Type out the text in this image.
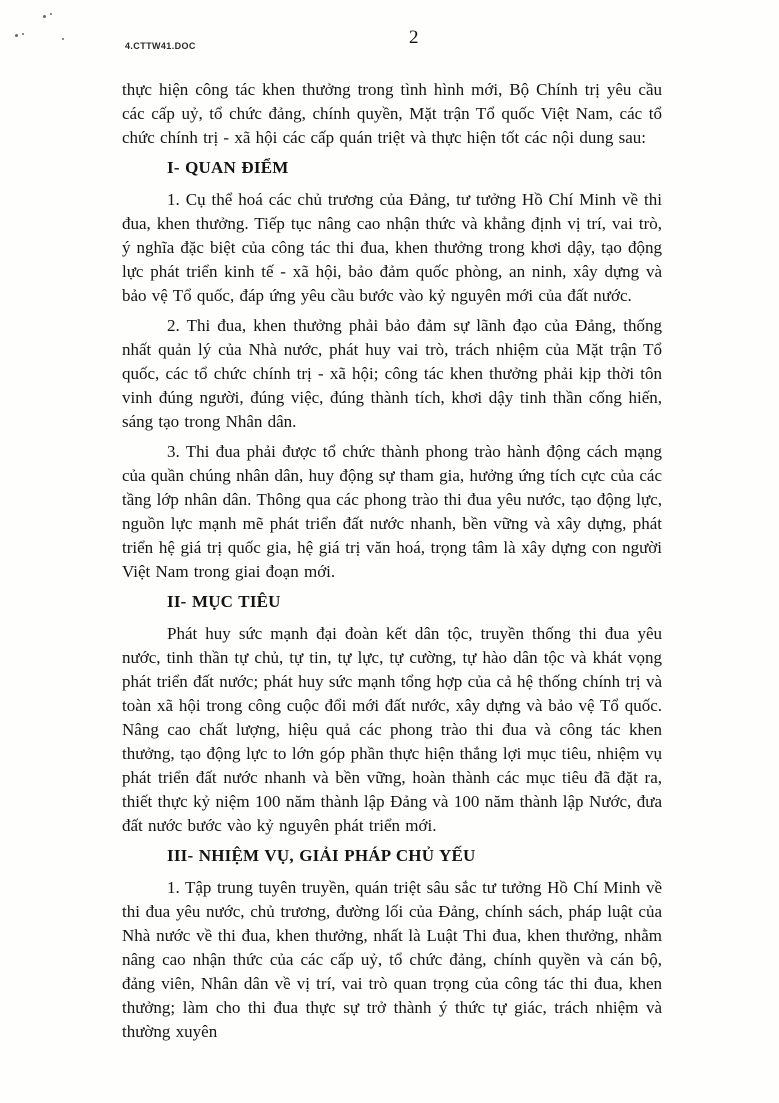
4.CTTW41.DOC	2

thực hiện công tác khen thưởng trong tình hình mới, Bộ Chính trị yêu cầu các cấp uỷ, tổ chức đảng, chính quyền, Mặt trận Tổ quốc Việt Nam, các tổ chức chính trị - xã hội các cấp quán triệt và thực hiện tốt các nội dung sau:

I- QUAN ĐIỂM

1. Cụ thể hoá các chủ trương của Đảng, tư tưởng Hồ Chí Minh về thi đua, khen thưởng. Tiếp tục nâng cao nhận thức và khẳng định vị trí, vai trò, ý nghĩa đặc biệt của công tác thi đua, khen thưởng trong khơi dậy, tạo động lực phát triển kinh tế - xã hội, bảo đảm quốc phòng, an ninh, xây dựng và bảo vệ Tổ quốc, đáp ứng yêu cầu bước vào kỷ nguyên mới của đất nước.

2. Thi đua, khen thưởng phải bảo đảm sự lãnh đạo của Đảng, thống nhất quản lý của Nhà nước, phát huy vai trò, trách nhiệm của Mặt trận Tổ quốc, các tổ chức chính trị - xã hội; công tác khen thưởng phải kịp thời tôn vinh đúng người, đúng việc, đúng thành tích, khơi dậy tinh thần cống hiến, sáng tạo trong Nhân dân.

3. Thi đua phải được tổ chức thành phong trào hành động cách mạng của quần chúng nhân dân, huy động sự tham gia, hưởng ứng tích cực của các tầng lớp nhân dân. Thông qua các phong trào thi đua yêu nước, tạo động lực, nguồn lực mạnh mẽ phát triển đất nước nhanh, bền vững và xây dựng, phát triển hệ giá trị quốc gia, hệ giá trị văn hoá, trọng tâm là xây dựng con người Việt Nam trong giai đoạn mới.

II- MỤC TIÊU

Phát huy sức mạnh đại đoàn kết dân tộc, truyền thống thi đua yêu nước, tinh thần tự chủ, tự tin, tự lực, tự cường, tự hào dân tộc và khát vọng phát triển đất nước; phát huy sức mạnh tổng hợp của cả hệ thống chính trị và toàn xã hội trong công cuộc đổi mới đất nước, xây dựng và bảo vệ Tổ quốc. Nâng cao chất lượng, hiệu quả các phong trào thi đua và công tác khen thưởng, tạo động lực to lớn góp phần thực hiện thắng lợi mục tiêu, nhiệm vụ phát triển đất nước nhanh và bền vững, hoàn thành các mục tiêu đã đặt ra, thiết thực kỷ niệm 100 năm thành lập Đảng và 100 năm thành lập Nước, đưa đất nước bước vào kỷ nguyên phát triển mới.

III- NHIỆM VỤ, GIẢI PHÁP CHỦ YẾU

1. Tập trung tuyên truyền, quán triệt sâu sắc tư tưởng Hồ Chí Minh về thi đua yêu nước, chủ trương, đường lối của Đảng, chính sách, pháp luật của Nhà nước về thi đua, khen thưởng, nhất là Luật Thi đua, khen thưởng, nhằm nâng cao nhận thức của các cấp uỷ, tổ chức đảng, chính quyền và cán bộ, đảng viên, Nhân dân về vị trí, vai trò quan trọng của công tác thi đua, khen thưởng; làm cho thi đua thực sự trở thành ý thức tự giác, trách nhiệm và thường xuyên
